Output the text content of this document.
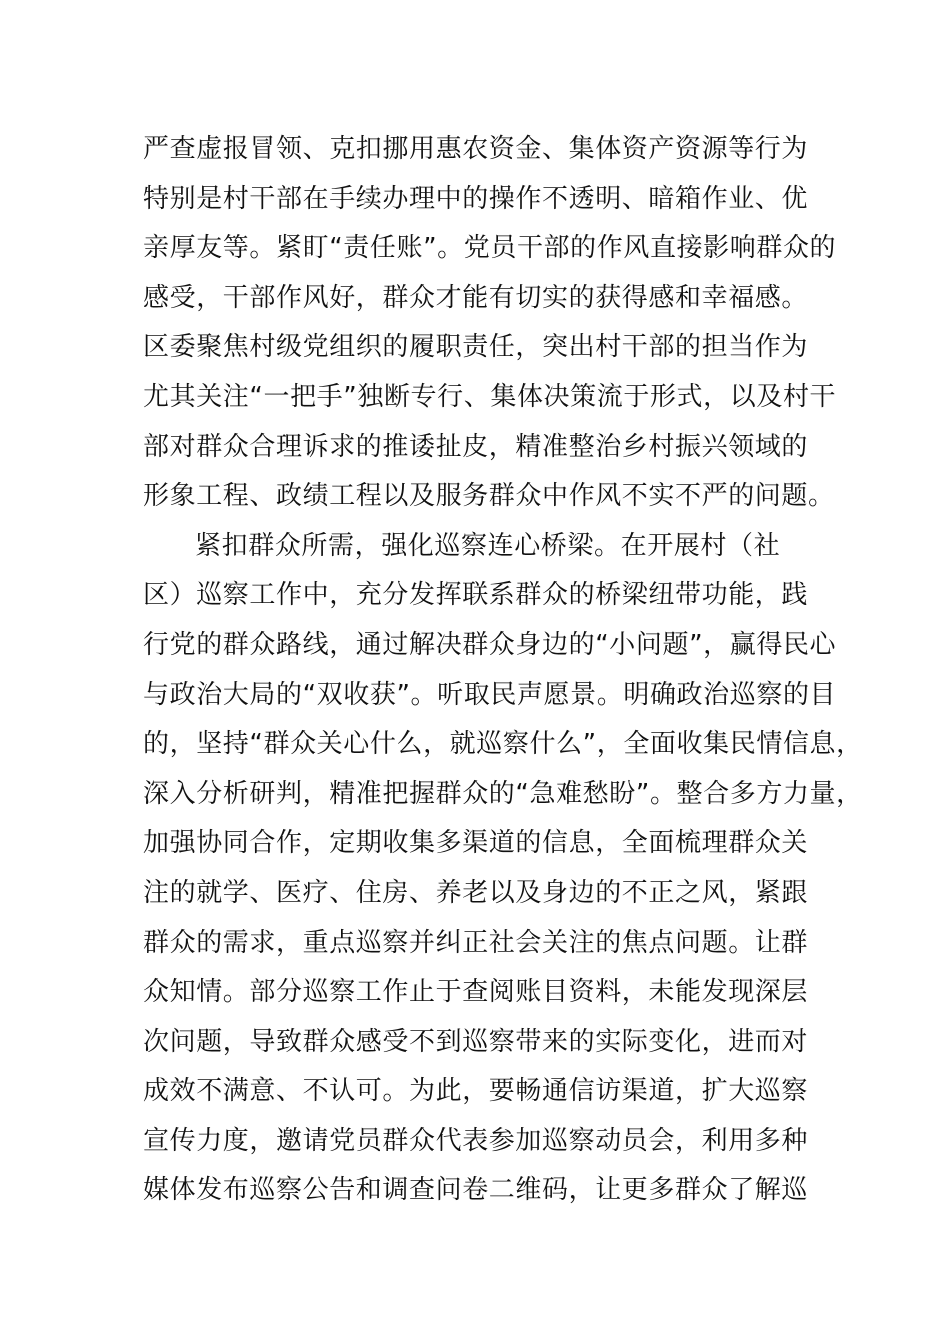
严查虚报冒领、克扣挪用惠农资金、集体资产资源等行为
特别是村干部在手续办理中的操作不透明、暗箱作业、优
亲厚友等。紧盯“责任账”。党员干部的作风直接影响群众的
感受，干部作风好，群众才能有切实的获得感和幸福感。
区委聚焦村级党组织的履职责任，突出村干部的担当作为
尤其关注“一把手”独断专行、集体决策流于形式，以及村干
部对群众合理诉求的推诿扯皮，精准整治乡村振兴领域的
形象工程、政绩工程以及服务群众中作风不实不严的问题。
紧扣群众所需，强化巡察连心桥梁。在开展村（社
区）巡察工作中，充分发挥联系群众的桥梁纽带功能，践
行党的群众路线，通过解决群众身边的“小问题”，赢得民心
与政治大局的“双收获”。听取民声愿景。明确政治巡察的目
的，坚持“群众关心什么，就巡察什么”，全面收集民情信息，
深入分析研判，精准把握群众的“急难愁盼”。整合多方力量，
加强协同合作，定期收集多渠道的信息，全面梳理群众关
注的就学、医疗、住房、养老以及身边的不正之风，紧跟
群众的需求，重点巡察并纠正社会关注的焦点问题。让群
众知情。部分巡察工作止于查阅账目资料，未能发现深层
次问题，导致群众感受不到巡察带来的实际变化，进而对
成效不满意、不认可。为此，要畅通信访渠道，扩大巡察
宣传力度，邀请党员群众代表参加巡察动员会，利用多种
媒体发布巡察公告和调查问卷二维码，让更多群众了解巡
